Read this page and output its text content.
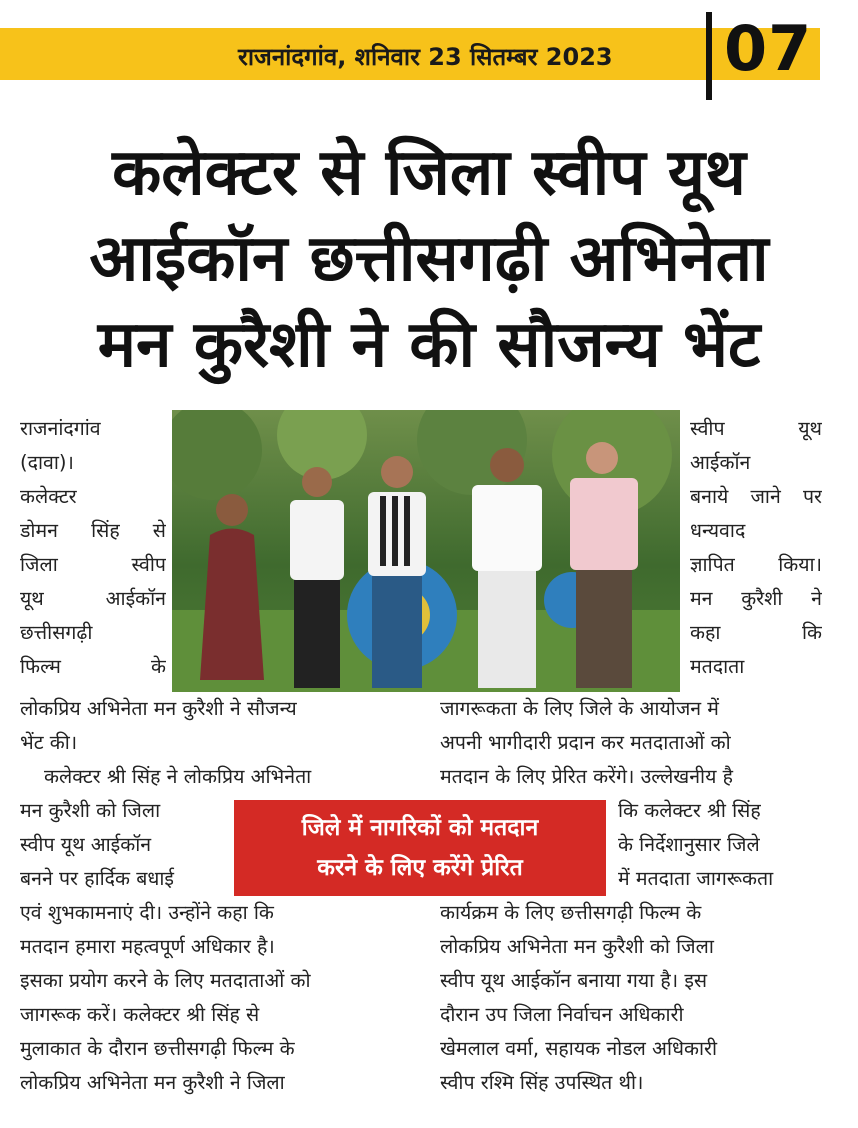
राजनांदगांव, शनिवार 23 सितम्बर 2023	07
कलेक्टर से जिला स्वीप यूथ
आईकॉन छत्तीसगढ़ी अभिनेता
मन कुरैशी ने की सौजन्य भेंट
राजनांदगांव
(दावा)।
कलेक्टर
डोमन सिंह से
जिला स्वीप
यूथ आईकॉन
छत्तीसगढ़ी
फिल्म के
स्वीप यूथ
आईकॉन
बनाये जाने पर
धन्यवाद
ज्ञापित किया।
मन कुरैशी ने
कहा कि
मतदाता
लोकप्रिय अभिनेता मन कुरैशी ने सौजन्य
भेंट की।
कलेक्टर श्री सिंह ने लोकप्रिय अभिनेता
मन कुरैशी को जिला
स्वीप यूथ आईकॉन
बनने पर हार्दिक बधाई
एवं शुभकामनाएं दी। उन्होंने कहा कि
मतदान हमारा महत्वपूर्ण अधिकार है।
इसका प्रयोग करने के लिए मतदाताओं को
जागरूक करें। कलेक्टर श्री सिंह से
मुलाकात के दौरान छत्तीसगढ़ी फिल्म के
लोकप्रिय अभिनेता मन कुरैशी ने जिला
जागरूकता के लिए जिले के आयोजन में
अपनी भागीदारी प्रदान कर मतदाताओं को
मतदान के लिए प्रेरित करेंगे। उल्लेखनीय है
कि कलेक्टर श्री सिंह
के निर्देशानुसार जिले
में मतदाता जागरूकता
कार्यक्रम के लिए छत्तीसगढ़ी फिल्म के
लोकप्रिय अभिनेता मन कुरैशी को जिला
स्वीप यूथ आईकॉन बनाया गया है। इस
दौरान उप जिला निर्वाचन अधिकारी
खेमलाल वर्मा, सहायक नोडल अधिकारी
स्वीप रश्मि सिंह उपस्थित थी।
जिले में नागरिकों को मतदान
करने के लिए करेंगे प्रेरित
